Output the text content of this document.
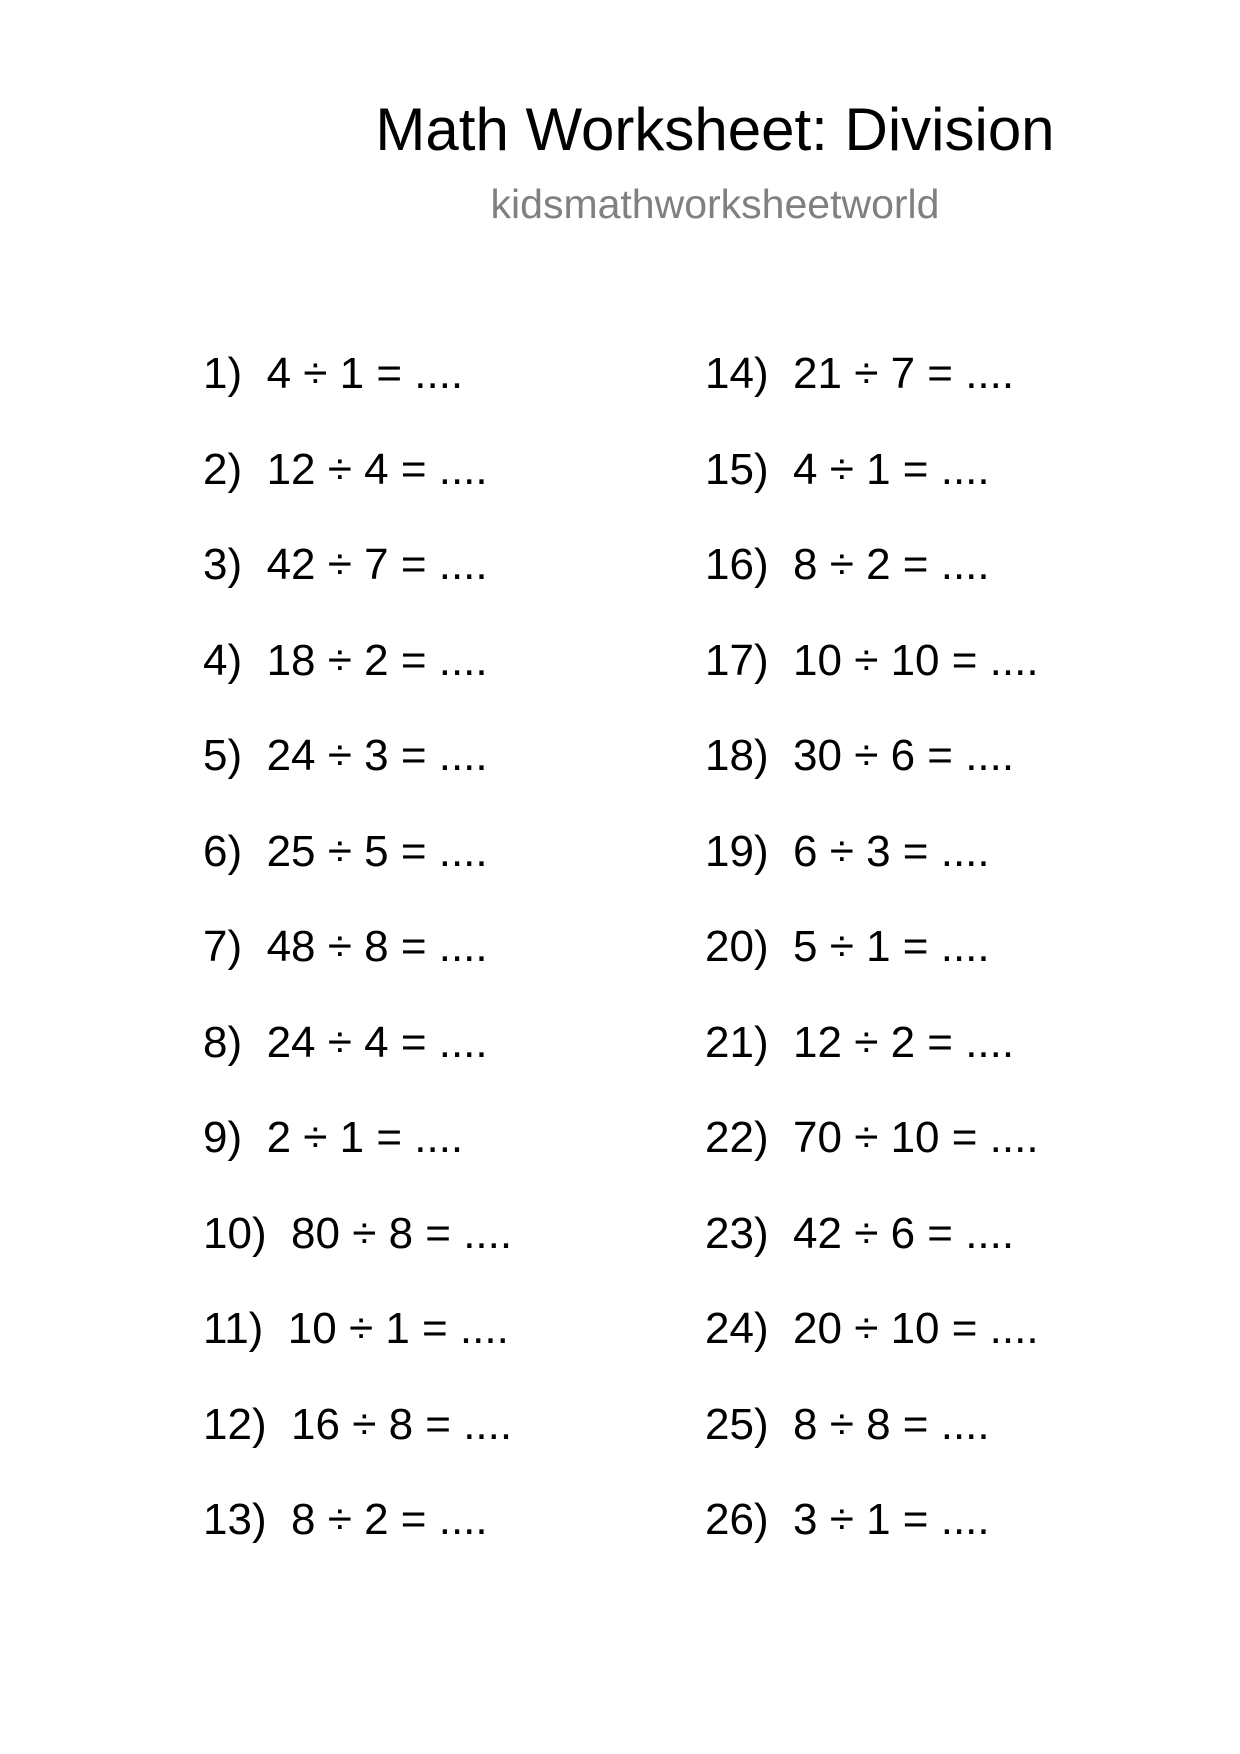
Math Worksheet: Division
kidsmathworksheetworld
1) 4 ÷ 1 = ....
2) 12 ÷ 4 = ....
3) 42 ÷ 7 = ....
4) 18 ÷ 2 = ....
5) 24 ÷ 3 = ....
6) 25 ÷ 5 = ....
7) 48 ÷ 8 = ....
8) 24 ÷ 4 = ....
9) 2 ÷ 1 = ....
10) 80 ÷ 8 = ....
11) 10 ÷ 1 = ....
12) 16 ÷ 8 = ....
13) 8 ÷ 2 = ....
14) 21 ÷ 7 = ....
15) 4 ÷ 1 = ....
16) 8 ÷ 2 = ....
17) 10 ÷ 10 = ....
18) 30 ÷ 6 = ....
19) 6 ÷ 3 = ....
20) 5 ÷ 1 = ....
21) 12 ÷ 2 = ....
22) 70 ÷ 10 = ....
23) 42 ÷ 6 = ....
24) 20 ÷ 10 = ....
25) 8 ÷ 8 = ....
26) 3 ÷ 1 = ....
